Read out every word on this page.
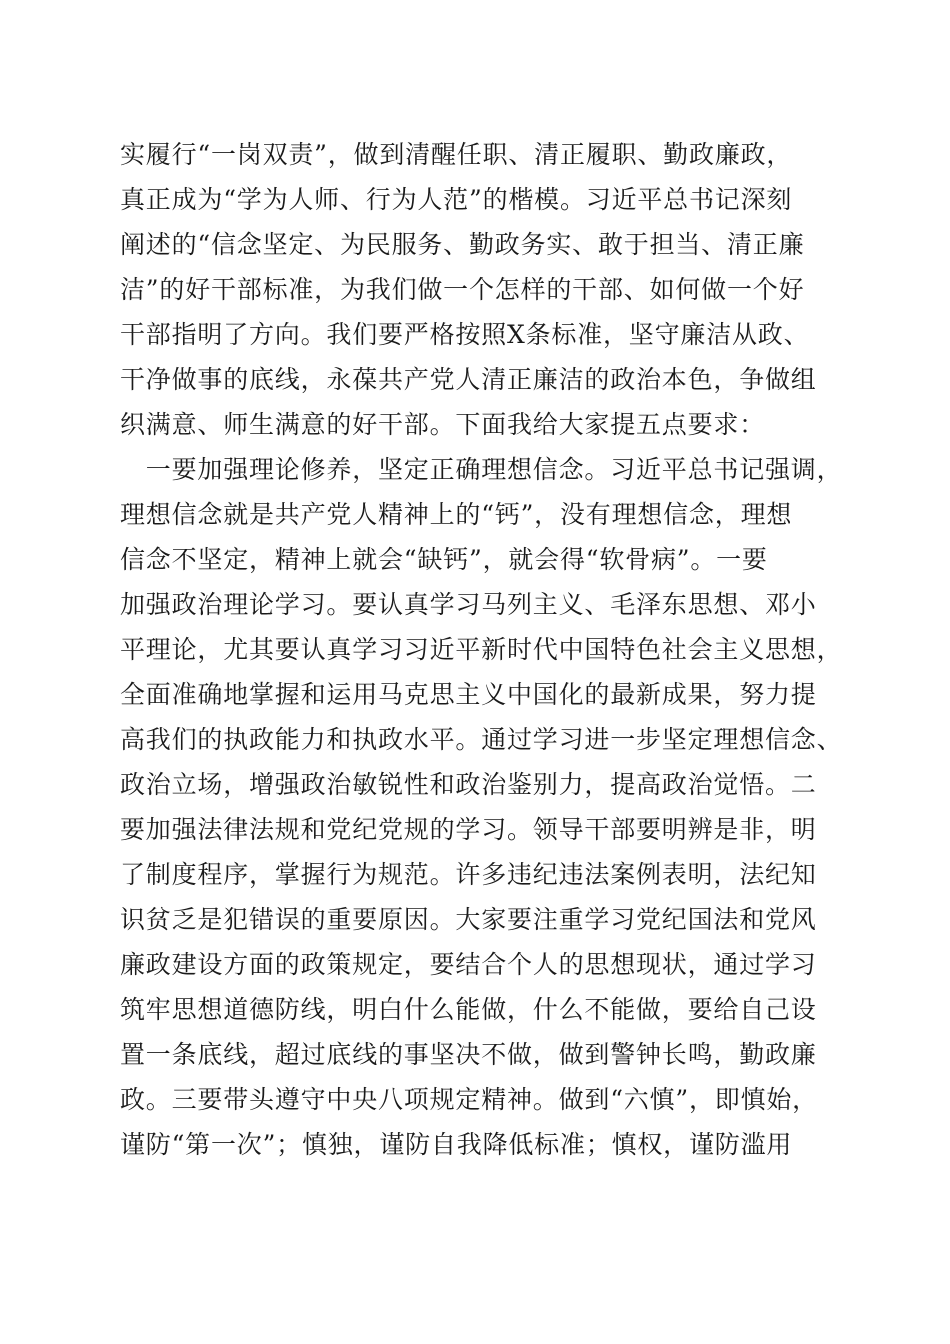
实履行“一岗双责”，做到清醒任职、清正履职、勤政廉政，
真正成为“学为人师、行为人范”的楷模。习近平总书记深刻
阐述的“信念坚定、为民服务、勤政务实、敢于担当、清正廉
洁”的好干部标准，为我们做一个怎样的干部、如何做一个好
干部指明了方向。我们要严格按照X条标准，坚守廉洁从政、
干净做事的底线，永葆共产党人清正廉洁的政治本色，争做组
织满意、师生满意的好干部。下面我给大家提五点要求：
　一要加强理论修养，坚定正确理想信念。习近平总书记强调，
理想信念就是共产党人精神上的“钙”，没有理想信念，理想
信念不坚定，精神上就会“缺钙”，就会得“软骨病”。一要
加强政治理论学习。要认真学习马列主义、毛泽东思想、邓小
平理论，尤其要认真学习习近平新时代中国特色社会主义思想，
全面准确地掌握和运用马克思主义中国化的最新成果，努力提
高我们的执政能力和执政水平。通过学习进一步坚定理想信念、
政治立场，增强政治敏锐性和政治鉴别力，提高政治觉悟。二
要加强法律法规和党纪党规的学习。领导干部要明辨是非，明
了制度程序，掌握行为规范。许多违纪违法案例表明，法纪知
识贫乏是犯错误的重要原因。大家要注重学习党纪国法和党风
廉政建设方面的政策规定，要结合个人的思想现状，通过学习
筑牢思想道德防线，明白什么能做，什么不能做，要给自己设
置一条底线，超过底线的事坚决不做，做到警钟长鸣，勤政廉
政。三要带头遵守中央八项规定精神。做到“六慎”，即慎始，
谨防“第一次”；慎独，谨防自我降低标准；慎权，谨防滥用
